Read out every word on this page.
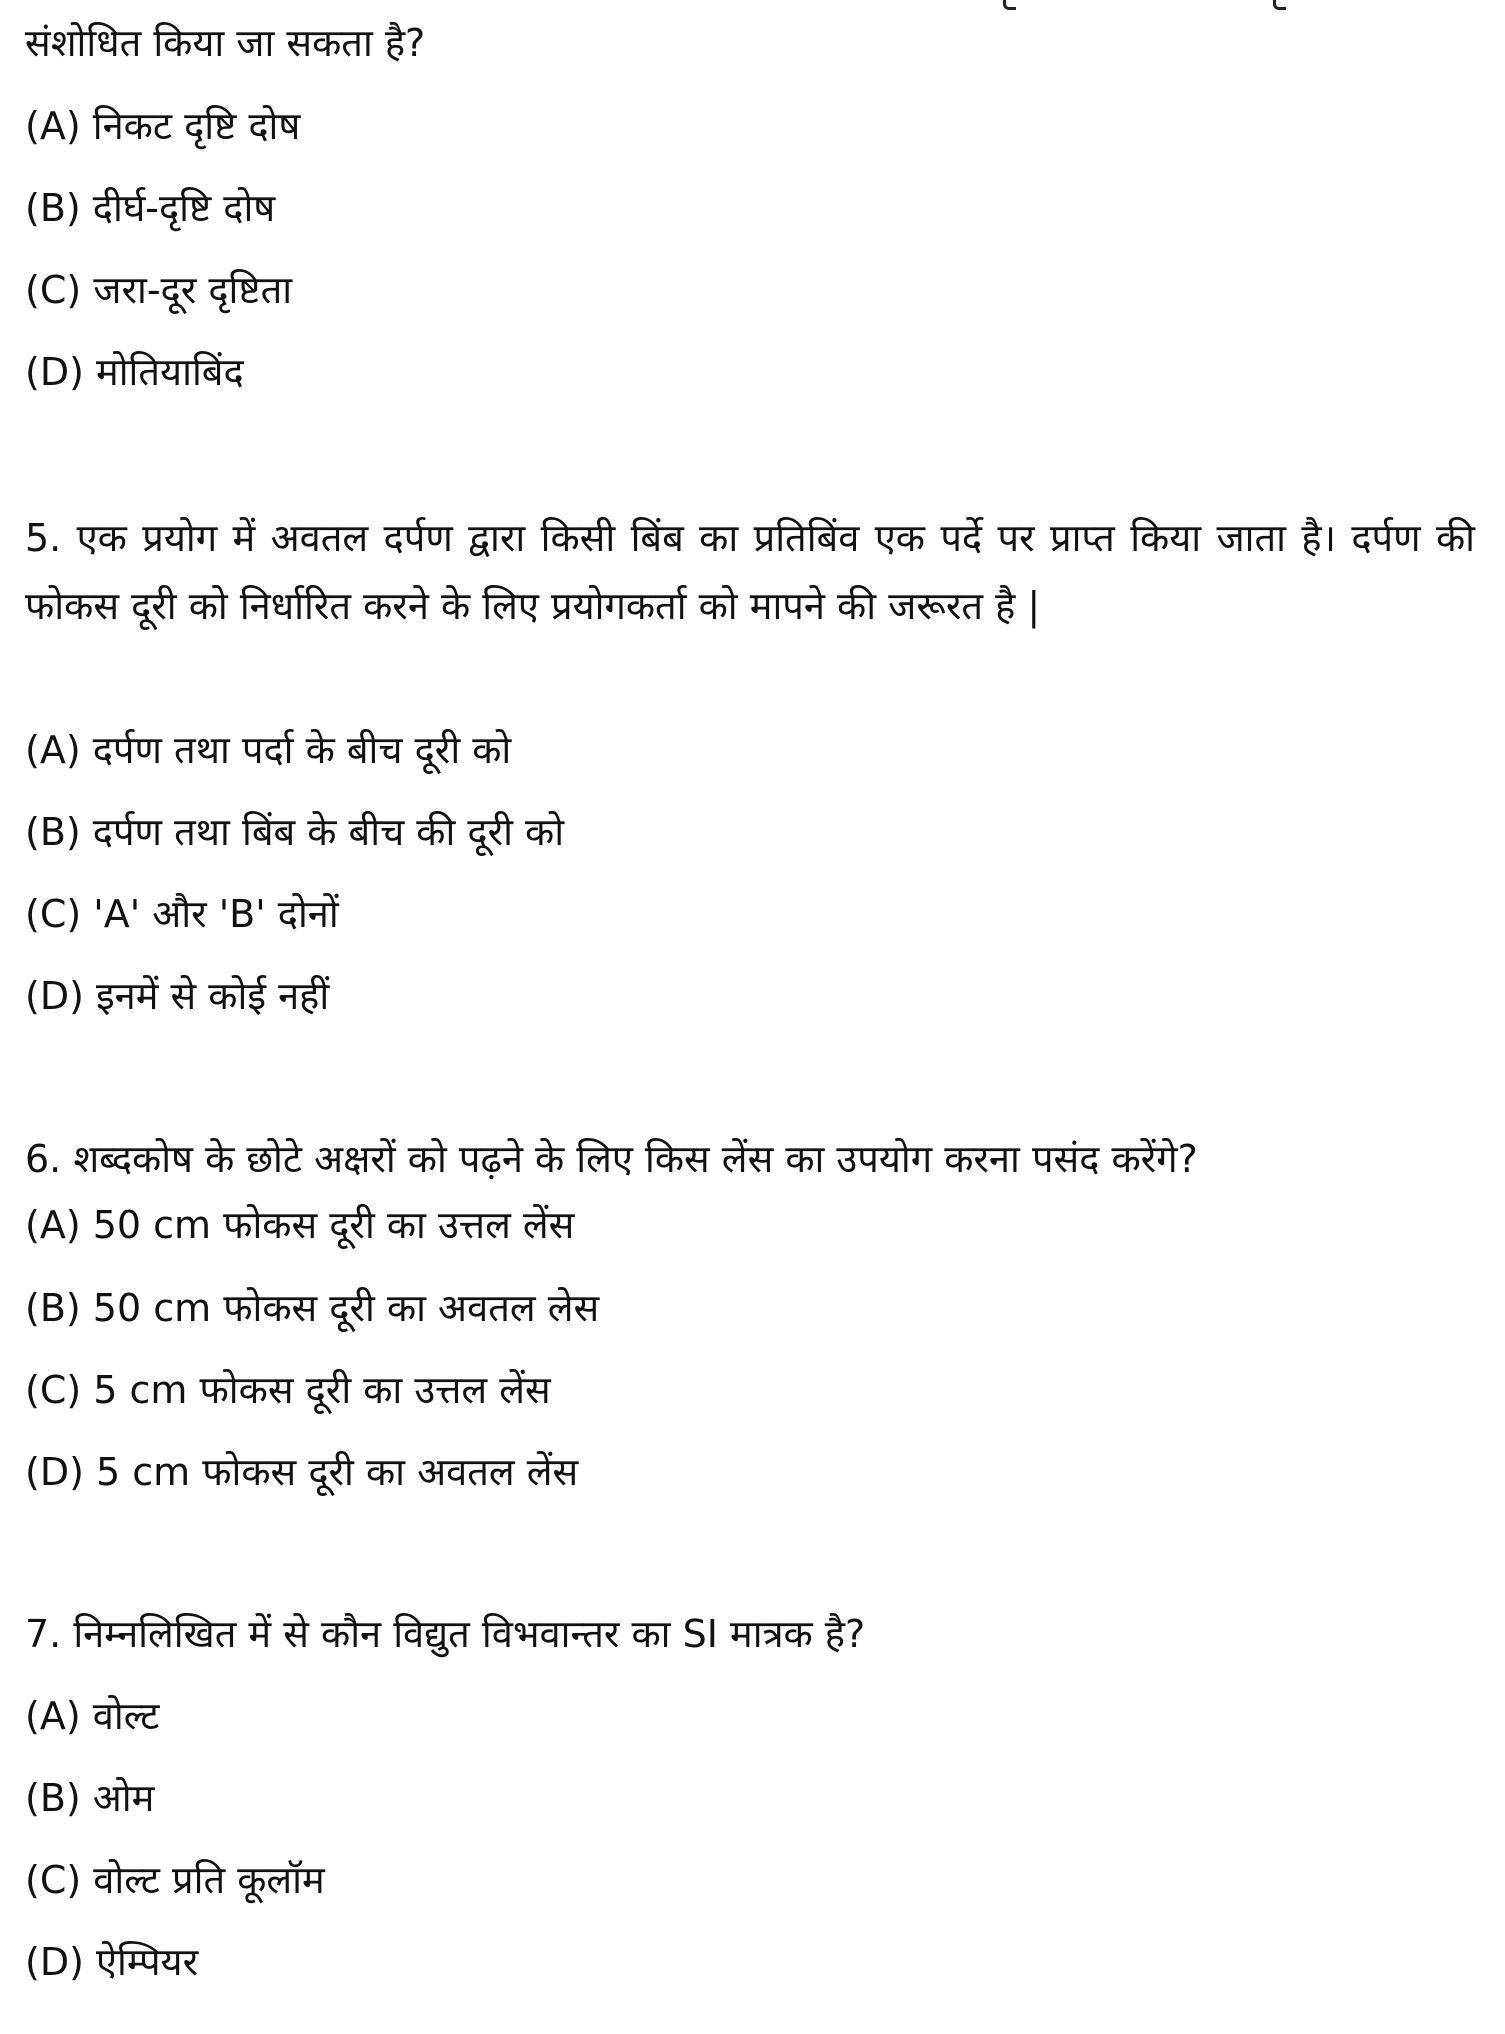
संशोधित किया जा सकता है?
(A) निकट दृष्टि दोष
(B) दीर्घ-दृष्टि दोष
(C) जरा-दूर दृष्टिता
(D) मोतियाबिंद
5. एक प्रयोग में अवतल दर्पण द्वारा किसी बिंब का प्रतिबिंव एक पर्दे पर प्राप्त किया जाता है। दर्पण की फोकस दूरी को निर्धारित करने के लिए प्रयोगकर्ता को मापने की जरूरत है |
(A) दर्पण तथा पर्दा के बीच दूरी को
(B) दर्पण तथा बिंब के बीच की दूरी को
(C) 'A' और 'B' दोनों
(D) इनमें से कोई नहीं
6. शब्दकोष के छोटे अक्षरों को पढ़ने के लिए किस लेंस का उपयोग करना पसंद करेंगे?
(A) 50 cm फोकस दूरी का उत्तल लेंस
(B) 50 cm फोकस दूरी का अवतल लेस
(C) 5 cm फोकस दूरी का उत्तल लेंस
(D) 5 cm फोकस दूरी का अवतल लेंस
7. निम्नलिखित में से कौन विद्युत विभवान्तर का SI मात्रक है?
(A) वोल्ट
(B) ओम
(C) वोल्ट प्रति कूलॉम
(D) ऐम्पियर
